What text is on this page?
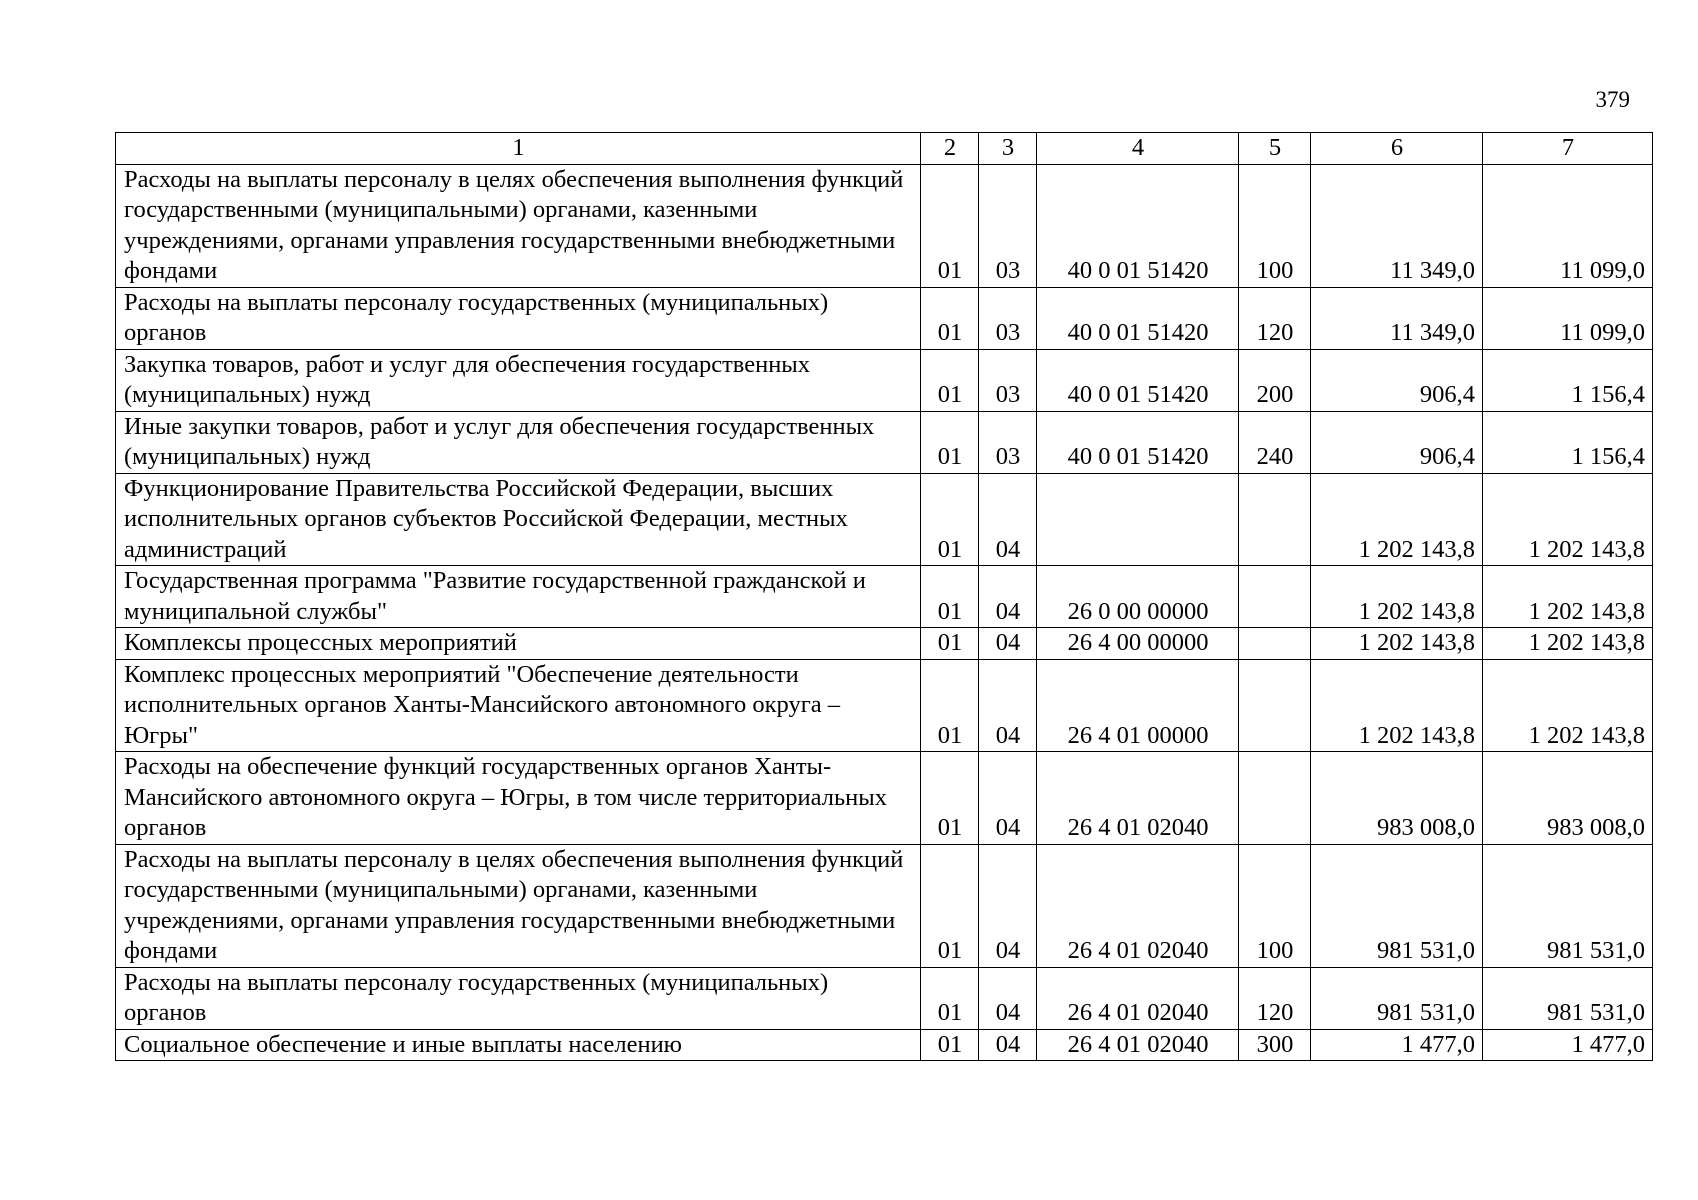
379
1	2	3	4	5	6	7
Расходы на выплаты персоналу в целях обеспечения выполнения функций государственными (муниципальными) органами, казенными учреждениями, органами управления государственными внебюджетными фондами	01	03	40 0 01 51420	100	11 349,0	11 099,0
Расходы на выплаты персоналу государственных (муниципальных) органов	01	03	40 0 01 51420	120	11 349,0	11 099,0
Закупка товаров, работ и услуг для обеспечения государственных (муниципальных) нужд	01	03	40 0 01 51420	200	906,4	1 156,4
Иные закупки товаров, работ и услуг для обеспечения государственных (муниципальных) нужд	01	03	40 0 01 51420	240	906,4	1 156,4
Функционирование Правительства Российской Федерации, высших исполнительных органов субъектов Российской Федерации, местных администраций	01	04			1 202 143,8	1 202 143,8
Государственная программа "Развитие государственной гражданской и муниципальной службы"	01	04	26 0 00 00000		1 202 143,8	1 202 143,8
Комплексы процессных мероприятий	01	04	26 4 00 00000		1 202 143,8	1 202 143,8
Комплекс процессных мероприятий "Обеспечение деятельности исполнительных органов Ханты-Мансийского автономного округа – Югры"	01	04	26 4 01 00000		1 202 143,8	1 202 143,8
Расходы на обеспечение функций государственных органов Ханты-Мансийского автономного округа – Югры, в том числе территориальных органов	01	04	26 4 01 02040		983 008,0	983 008,0
Расходы на выплаты персоналу в целях обеспечения выполнения функций государственными (муниципальными) органами, казенными учреждениями, органами управления государственными внебюджетными фондами	01	04	26 4 01 02040	100	981 531,0	981 531,0
Расходы на выплаты персоналу государственных (муниципальных) органов	01	04	26 4 01 02040	120	981 531,0	981 531,0
Социальное обеспечение и иные выплаты населению	01	04	26 4 01 02040	300	1 477,0	1 477,0
